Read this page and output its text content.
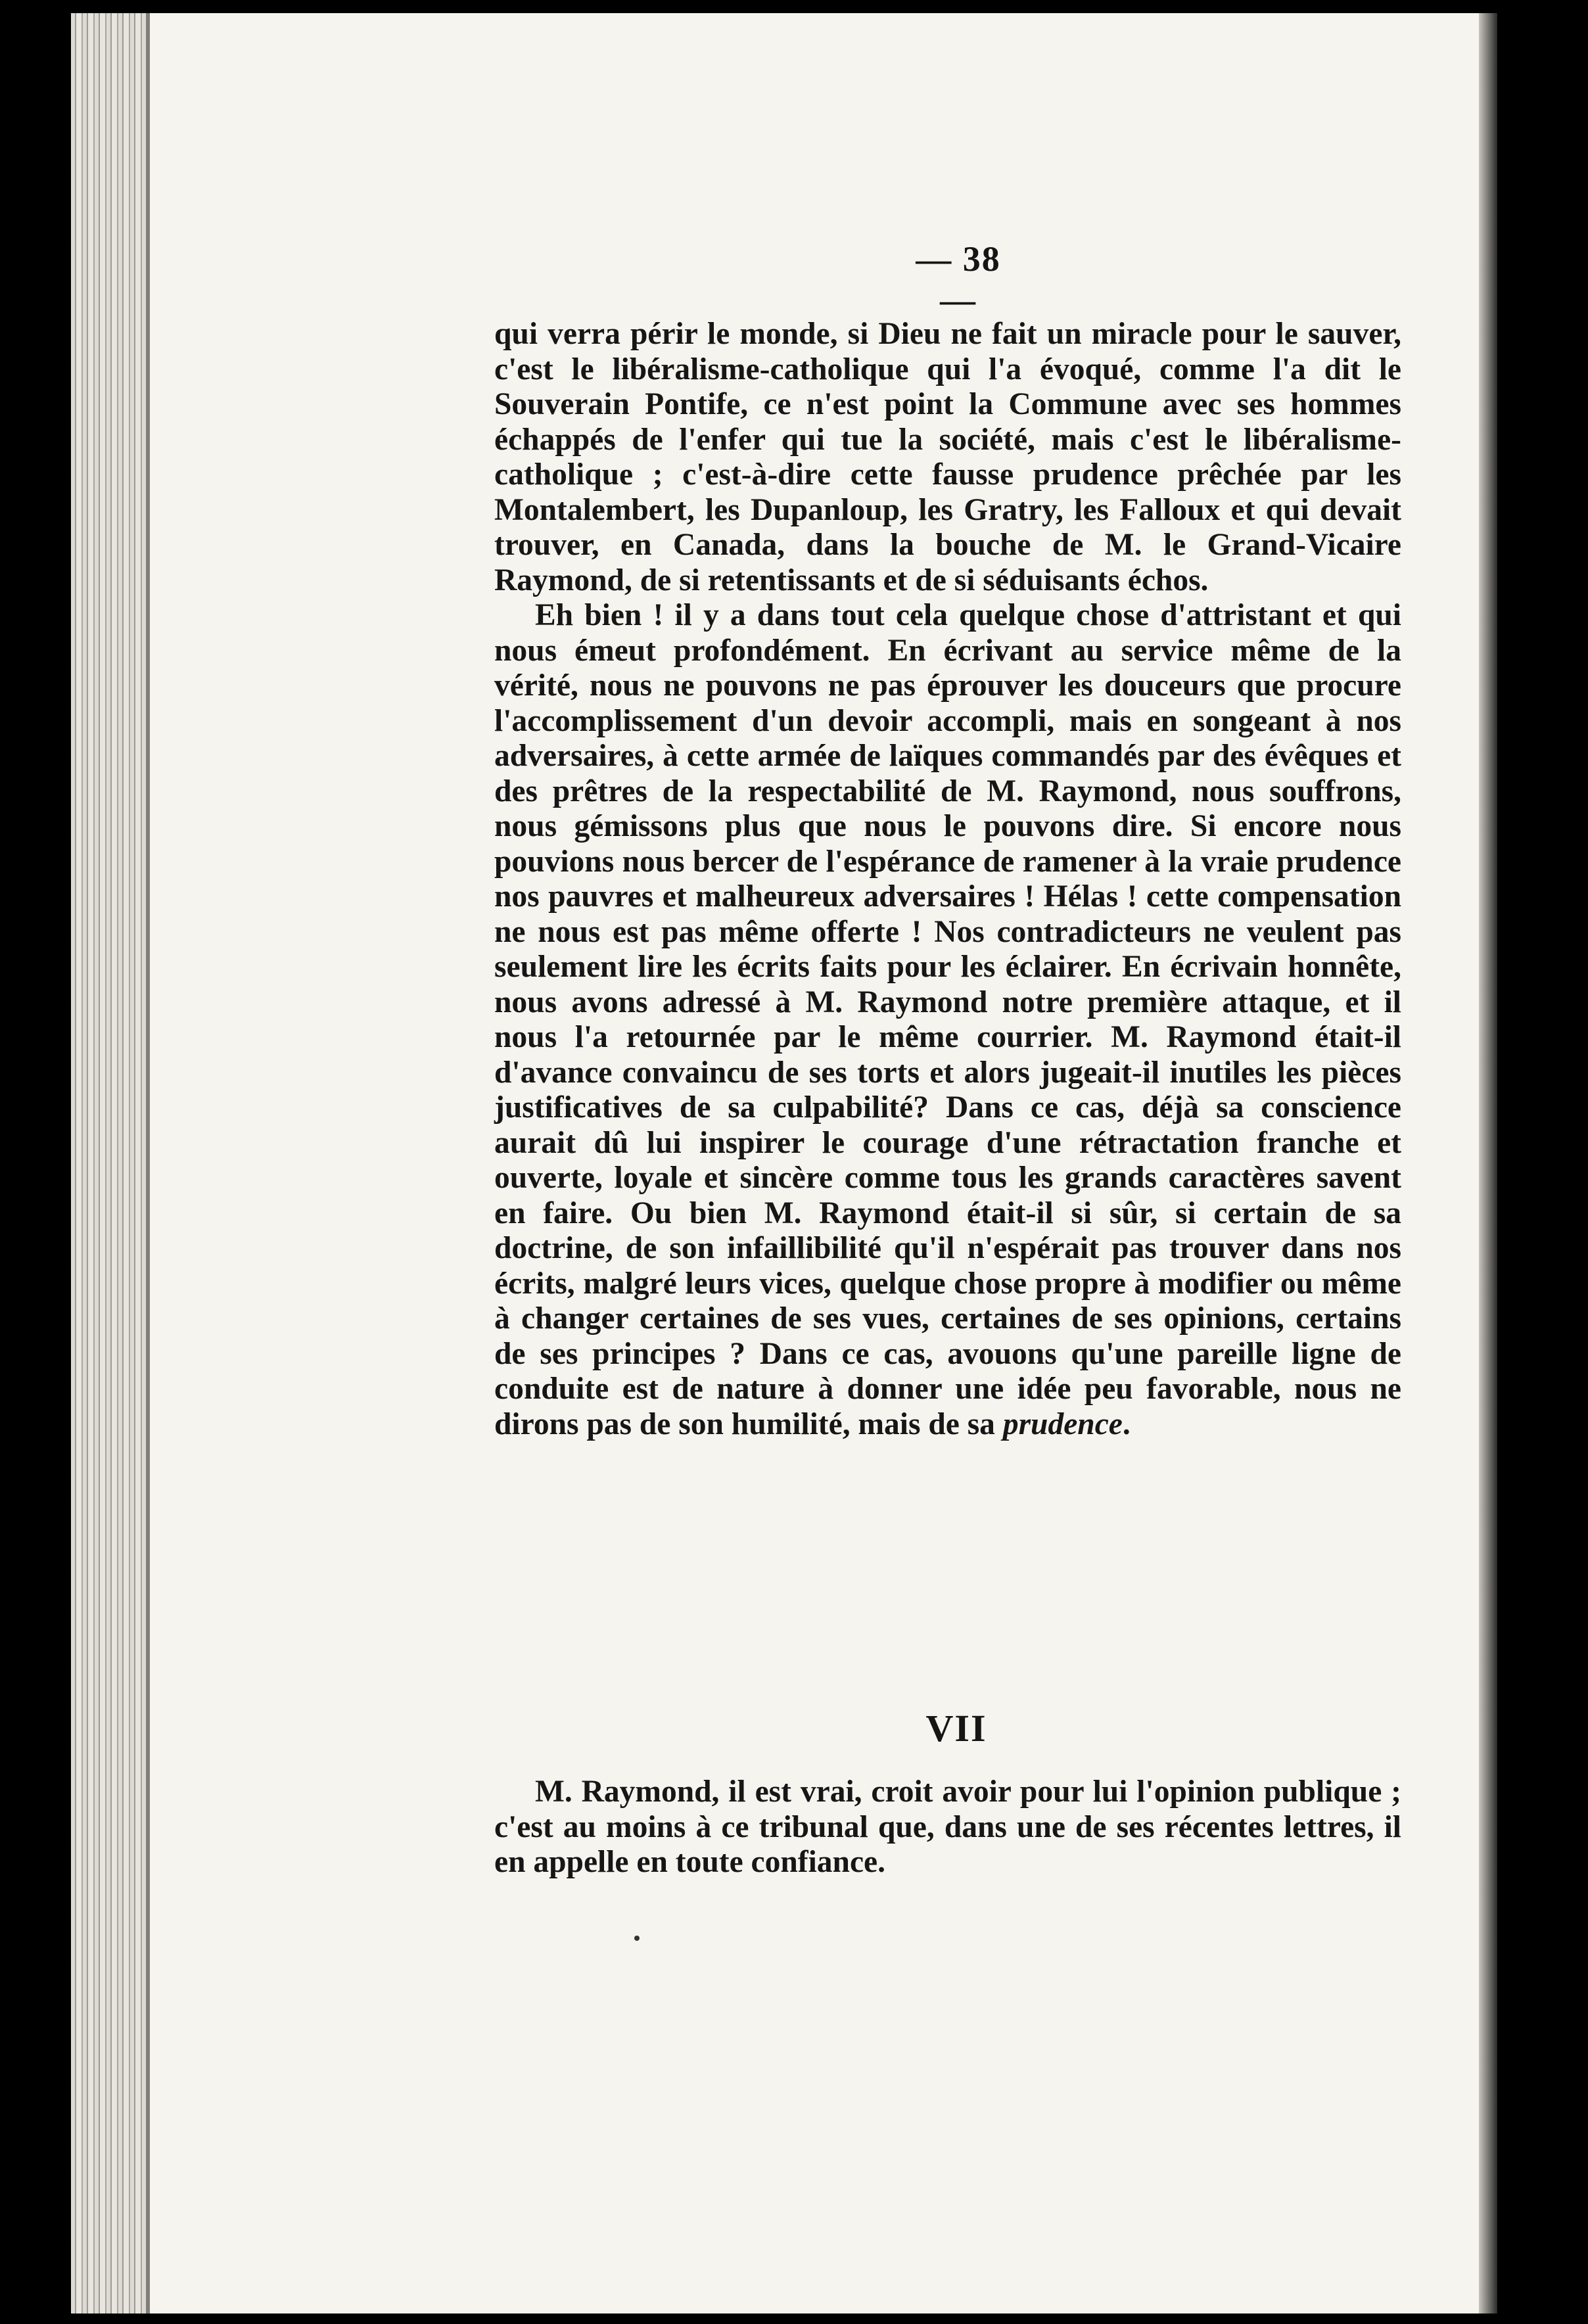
— 38 —

qui verra périr le monde, si Dieu ne fait un miracle pour le sauver, c'est le libéralisme-catholique qui l'a évoqué, comme l'a dit le Souverain Pontife, ce n'est point la Commune avec ses hommes échappés de l'enfer qui tue la société, mais c'est le libéralisme-catholique ; c'est-à-dire cette fausse prudence prêchée par les Montalembert, les Dupanloup, les Gratry, les Falloux et qui devait trouver, en Canada, dans la bouche de M. le Grand-Vicaire Raymond, de si retentissants et de si séduisants échos.

Eh bien ! il y a dans tout cela quelque chose d'attristant et qui nous émeut profondément. En écrivant au service même de la vérité, nous ne pouvons ne pas éprouver les douceurs que procure l'accomplissement d'un devoir accompli, mais en songeant à nos adversaires, à cette armée de laïques commandés par des évêques et des prêtres de la respectabilité de M. Raymond, nous souffrons, nous gémissons plus que nous le pouvons dire. Si encore nous pouvions nous bercer de l'espérance de ramener à la vraie prudence nos pauvres et malheureux adversaires ! Hélas ! cette compensation ne nous est pas même offerte ! Nos contradicteurs ne veulent pas seulement lire les écrits faits pour les éclairer. En écrivain honnête, nous avons adressé à M. Raymond notre première attaque, et il nous l'a retournée par le même courrier. M. Raymond était-il d'avance convaincu de ses torts et alors jugeait-il inutiles les pièces justificatives de sa culpabilité? Dans ce cas, déjà sa conscience aurait dû lui inspirer le courage d'une rétractation franche et ouverte, loyale et sincère comme tous les grands caractères savent en faire. Ou bien M. Raymond était-il si sûr, si certain de sa doctrine, de son infaillibilité qu'il n'espérait pas trouver dans nos écrits, malgré leurs vices, quelque chose propre à modifier ou même à changer certaines de ses vues, certaines de ses opinions, certains de ses principes ? Dans ce cas, avouons qu'une pareille ligne de conduite est de nature à donner une idée peu favorable, nous ne dirons pas de son humilité, mais de sa prudence.

VII

M. Raymond, il est vrai, croit avoir pour lui l'opinion publique ; c'est au moins à ce tribunal que, dans une de ses récentes lettres, il en appelle en toute confiance.
